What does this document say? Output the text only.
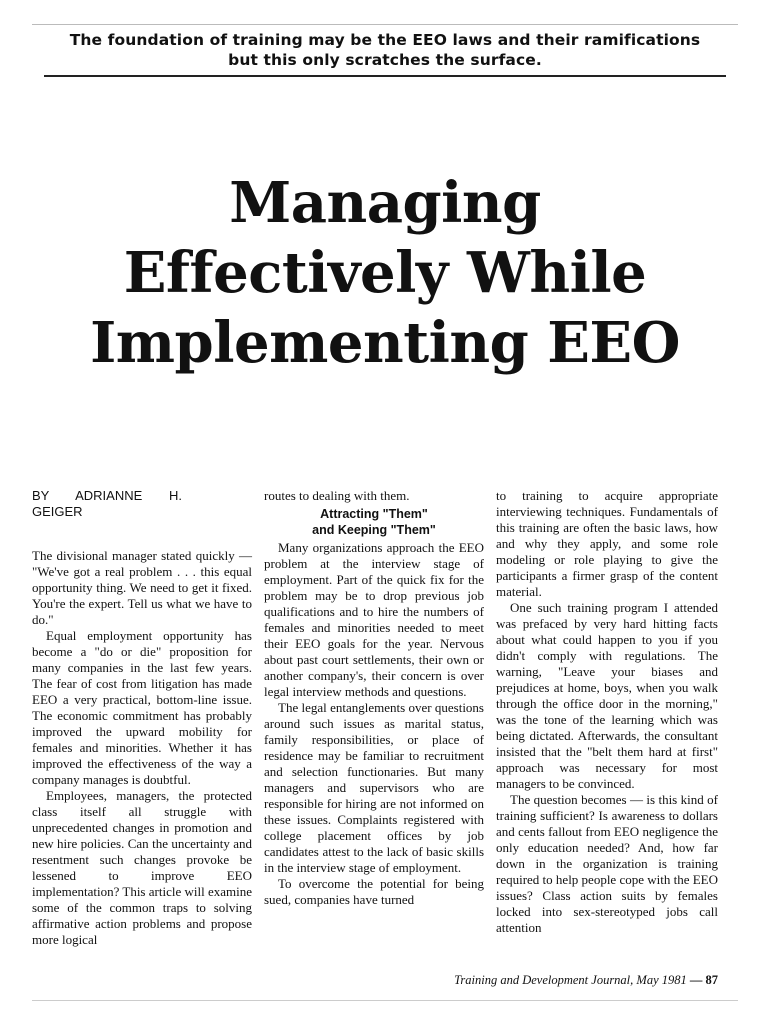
The foundation of training may be the EEO laws and their ramifications
but this only scratches the surface.
Managing
Effectively While
Implementing EEO
BY ADRIANNE H. GEIGER

The divisional manager stated quickly — "We've got a real problem . . . this equal opportunity thing. We need to get it fixed. You're the expert. Tell us what we have to do."

Equal employment opportunity has become a "do or die" proposition for many companies in the last few years. The fear of cost from litigation has made EEO a very practical, bottom-line issue. The economic commitment has probably improved the upward mobility for females and minorities. Whether it has improved the effectiveness of the way a company manages is doubtful.

Employees, managers, the protected class itself all struggle with unprecedented changes in promotion and new hire policies. Can the uncertainty and resentment such changes provoke be lessened to improve EEO implementation? This article will examine some of the common traps to solving affirmative action problems and propose more logical

routes to dealing with them.

Attracting "Them"
and Keeping "Them"

Many organizations approach the EEO problem at the interview stage of employment. Part of the quick fix for the problem may be to drop previous job qualifications and to hire the numbers of females and minorities needed to meet their EEO goals for the year. Nervous about past court settlements, their own or another company's, their concern is over legal interview methods and questions.

The legal entanglements over questions around such issues as marital status, family responsibilities, or place of residence may be familiar to recruitment and selection functionaries. But many managers and supervisors who are responsible for hiring are not informed on these issues. Complaints registered with college placement offices by job candidates attest to the lack of basic skills in the interview stage of employment.

To overcome the potential for being sued, companies have turned

to training to acquire appropriate interviewing techniques. Fundamentals of this training are often the basic laws, how and why they apply, and some role modeling or role playing to give the participants a firmer grasp of the content material.

One such training program I attended was prefaced by very hard hitting facts about what could happen to you if you didn't comply with regulations. The warning, "Leave your biases and prejudices at home, boys, when you walk through the office door in the morning," was the tone of the learning which was being dictated. Afterwards, the consultant insisted that the "belt them hard at first" approach was necessary for most managers to be convinced.

The question becomes — is this kind of training sufficient? Is awareness to dollars and cents fallout from EEO negligence the only education needed? And, how far down in the organization is training required to help people cope with the EEO issues? Class action suits by females locked into sex-stereotyped jobs call attention

Training and Development Journal, May 1981 — 87
